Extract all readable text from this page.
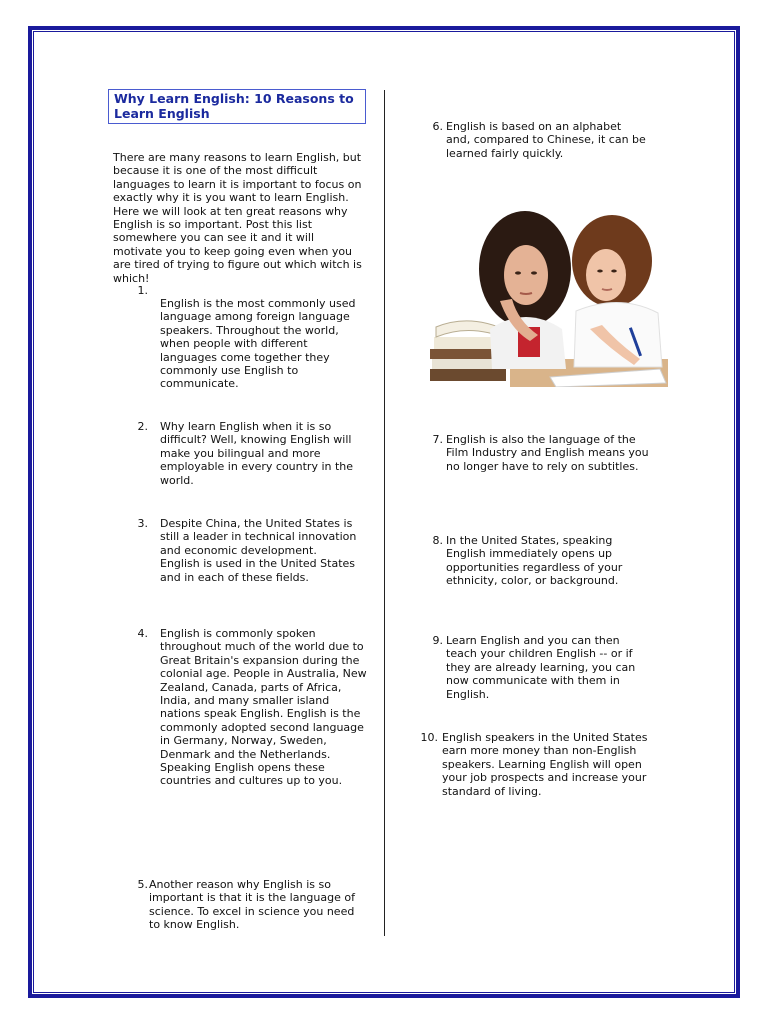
Why Learn English: 10 Reasons to Learn English
There are many reasons to learn English, but because it is one of the most difficult languages to learn it is important to focus on exactly why it is you want to learn English. Here we will look at ten great reasons why English is so important. Post this list somewhere you can see it and it will motivate you to keep going even when you are tired of trying to figure out which witch is which!
1.
English is the most commonly used language among foreign language speakers. Throughout the world, when people with different languages come together they commonly use English to communicate.
2. Why learn English when it is so difficult? Well, knowing English will make you bilingual and more employable in every country in the world.
3. Despite China, the United States is still a leader in technical innovation and economic development. English is used in the United States and in each of these fields.
4. English is commonly spoken throughout much of the world due to Great Britain's expansion during the colonial age. People in Australia, New Zealand, Canada, parts of Africa, India, and many smaller island nations speak English. English is the commonly adopted second language in Germany, Norway, Sweden, Denmark and the Netherlands. Speaking English opens these countries and cultures up to you.
5. Another reason why English is so important is that it is the language of science. To excel in science you need to know English.
6. English is based on an alphabet and, compared to Chinese, it can be learned fairly quickly.
7. English is also the language of the Film Industry and English means you no longer have to rely on subtitles.
8. In the United States, speaking English immediately opens up opportunities regardless of your ethnicity, color, or background.
9. Learn English and you can then teach your children English -- or if they are already learning, you can now communicate with them in English.
10. English speakers in the United States earn more money than non-English speakers. Learning English will open your job prospects and increase your standard of living.
